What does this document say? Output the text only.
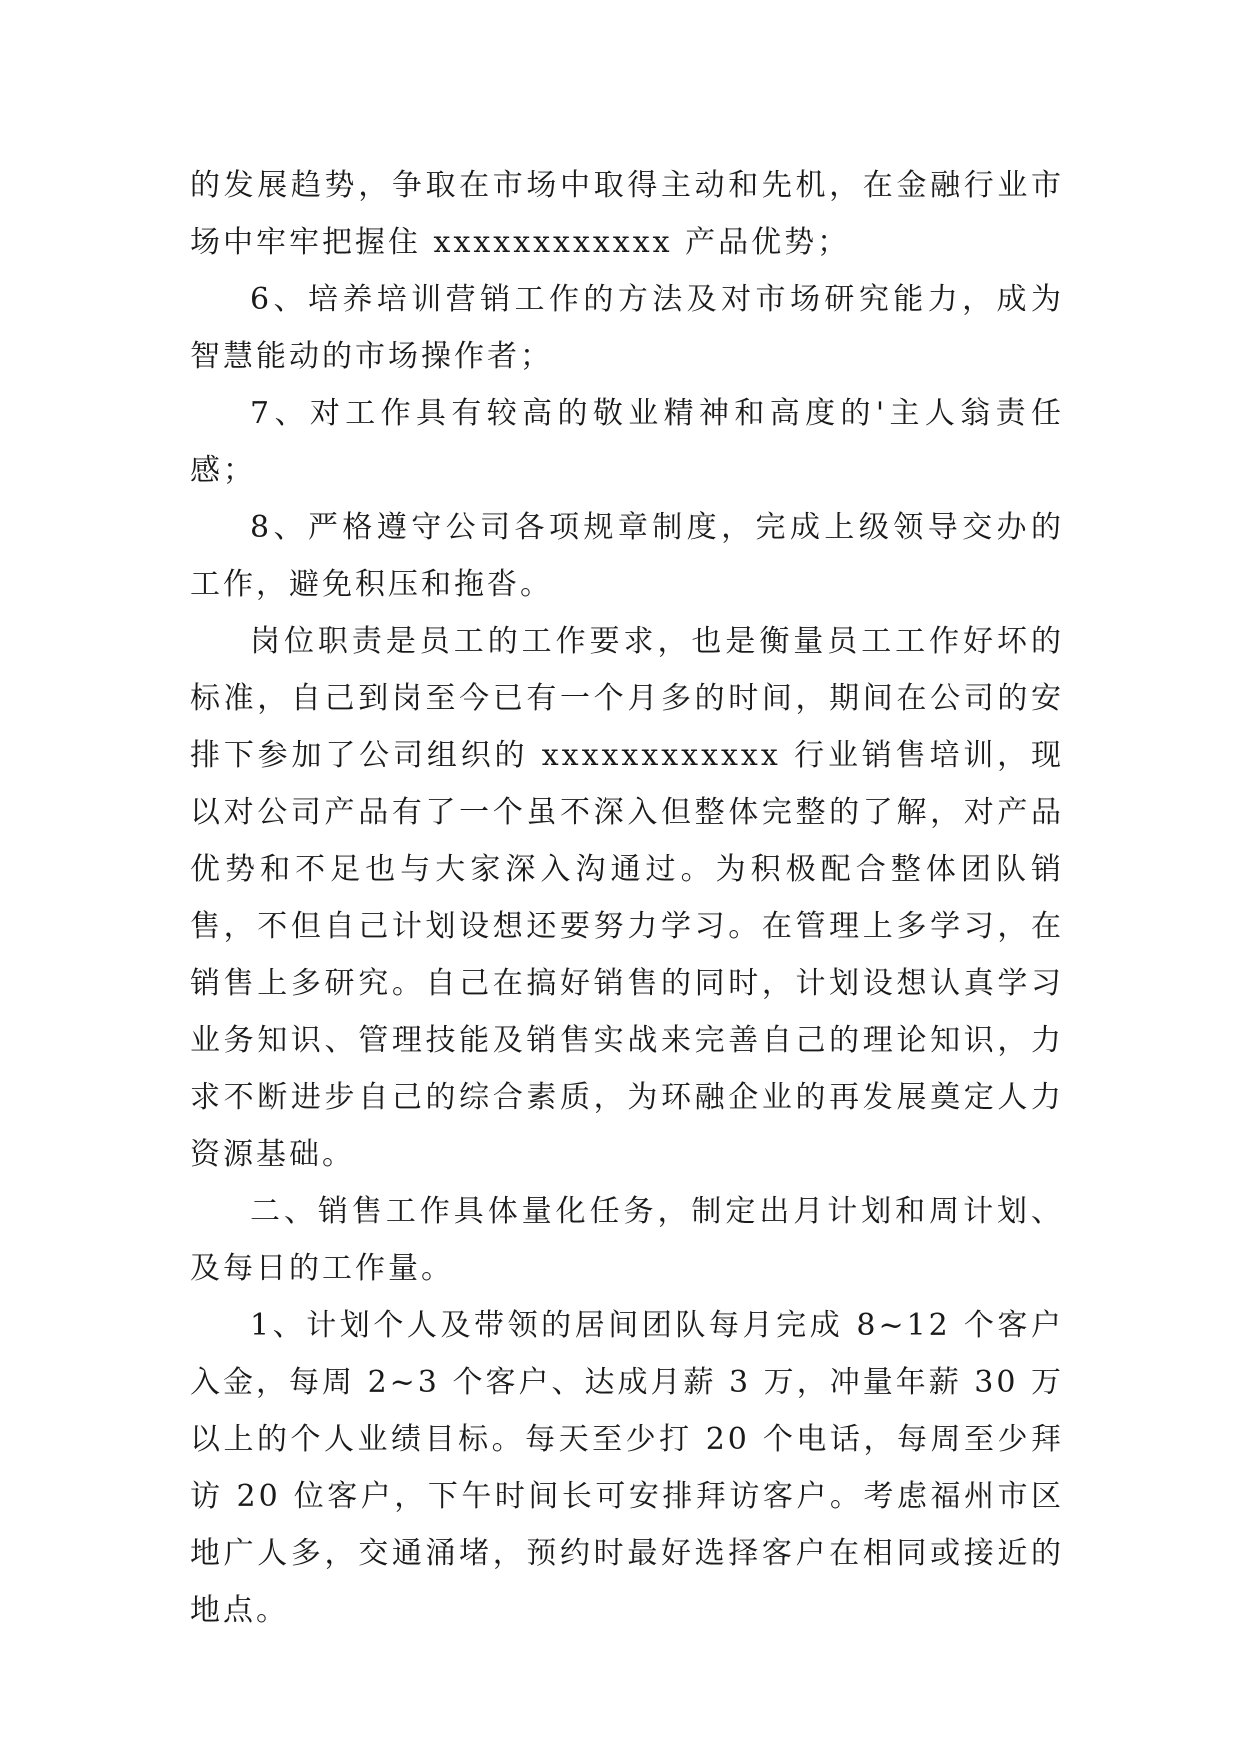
的发展趋势，争取在市场中取得主动和先机，在金融行业市场中牢牢把握住 xxxxxxxxxxxx 产品优势；

6、培养培训营销工作的方法及对市场研究能力，成为智慧能动的市场操作者；

7、对工作具有较高的敬业精神和高度的'主人翁责任感；

8、严格遵守公司各项规章制度，完成上级领导交办的工作，避免积压和拖沓。

岗位职责是员工的工作要求，也是衡量员工工作好坏的标准，自己到岗至今已有一个月多的时间，期间在公司的安排下参加了公司组织的 xxxxxxxxxxxx 行业销售培训，现以对公司产品有了一个虽不深入但整体完整的了解，对产品优势和不足也与大家深入沟通过。为积极配合整体团队销售，不但自己计划设想还要努力学习。在管理上多学习，在销售上多研究。自己在搞好销售的同时，计划设想认真学习业务知识、管理技能及销售实战来完善自己的理论知识，力求不断进步自己的综合素质，为环融企业的再发展奠定人力资源基础。

二、销售工作具体量化任务，制定出月计划和周计划、及每日的工作量。

1、计划个人及带领的居间团队每月完成 8~12 个客户入金，每周 2~3 个客户、达成月薪 3 万，冲量年薪 30 万以上的个人业绩目标。每天至少打 20 个电话，每周至少拜访 20 位客户，下午时间长可安排拜访客户。考虑福州市区地广人多，交通涌堵，预约时最好选择客户在相同或接近的地点。
